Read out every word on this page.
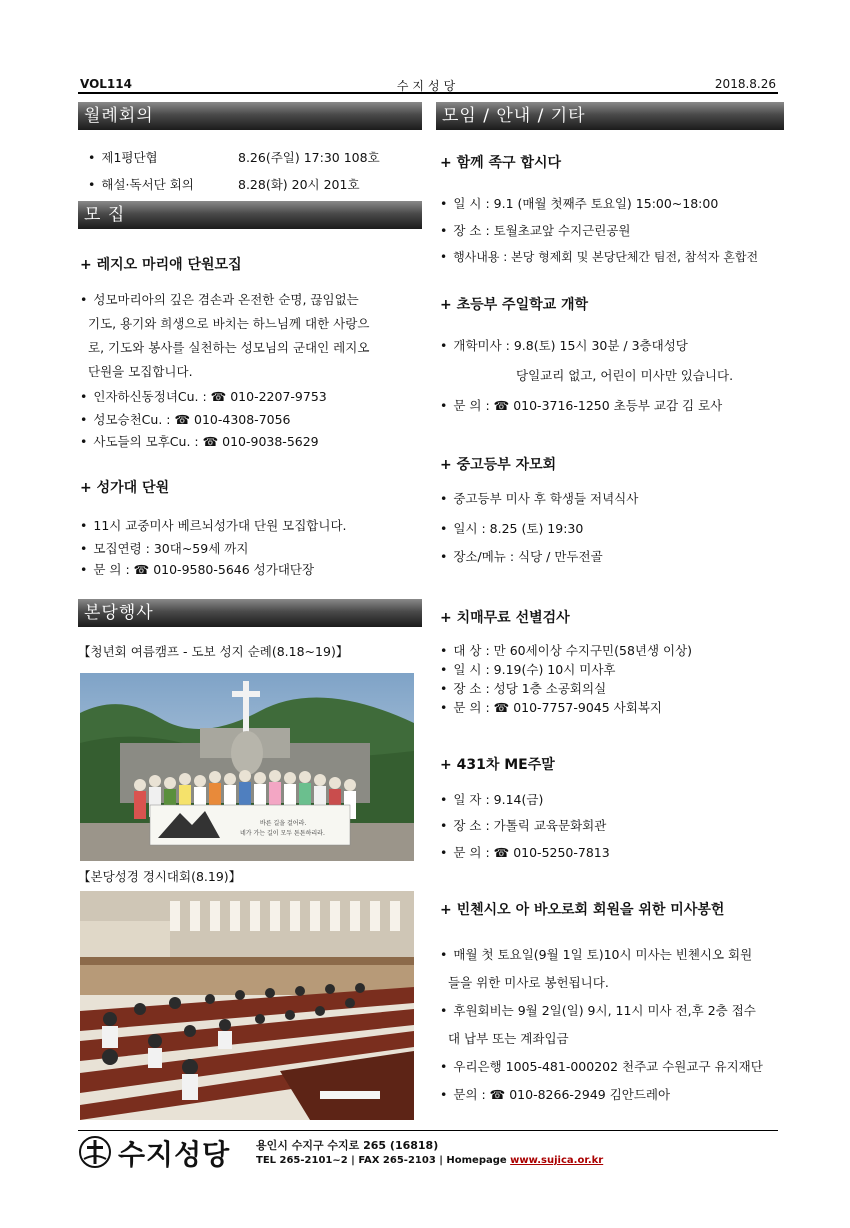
VOL114	수지성당	2018.8.26
월례회의
• 제1평단협	8.26(주일) 17:30 108호
• 해설·독서단 회의	8.28(화) 20시 201호
모 집
+ 레지오 마리애 단원모집
• 성모마리아의 깊은 겸손과 온전한 순명, 끊임없는
기도, 용기와 희생으로 바치는 하느님께 대한 사랑으
로, 기도와 봉사를 실천하는 성모님의 군대인 레지오
단원을 모집합니다.
• 인자하신동정녀Cu. : ☎ 010-2207-9753
• 성모승천Cu. : ☎ 010-4308-7056
• 사도들의 모후Cu. : ☎ 010-9038-5629
+ 성가대 단원
• 11시 교중미사 베르뇌성가대 단원 모집합니다.
• 모집연령 : 30대~59세 까지
• 문 의 : ☎ 010-9580-5646 성가대단장
본당행사
【청년회 여름캠프 - 도보 성지 순례(8.18~19)】
바른 길을 걸어라.
네가 가는 길이 모두 튼튼하리라.
【본당성경 경시대회(8.19)】
모임 / 안내 / 기타
+ 함께 족구 합시다
• 일 시 : 9.1 (매월 첫째주 토요일) 15:00~18:00
• 장 소 : 토월초교앞 수지근린공원
• 행사내용 : 본당 형제회 및 본당단체간 팀전, 참석자 혼합전
+ 초등부 주일학교 개학
• 개학미사 : 9.8(토) 15시 30분 / 3층대성당
당일교리 없고, 어린이 미사만 있습니다.
• 문 의 : ☎ 010-3716-1250 초등부 교감 김 로사
+ 중고등부 자모회
• 중고등부 미사 후 학생들 저녁식사
• 일시 : 8.25 (토) 19:30
• 장소/메뉴 : 식당 / 만두전골
+ 치매무료 선별검사
• 대 상 : 만 60세이상 수지구민(58년생 이상)
• 일 시 : 9.19(수) 10시 미사후
• 장 소 : 성당 1층 소공회의실
• 문 의 : ☎ 010-7757-9045 사회복지
+ 431차 ME주말
• 일 자 : 9.14(금)
• 장 소 : 가톨릭 교육문화회관
• 문 의 : ☎ 010-5250-7813
+ 빈첸시오 아 바오로회 회원을 위한 미사봉헌
• 매월 첫 토요일(9월 1일 토)10시 미사는 빈첸시오 회원
들을 위한 미사로 봉헌됩니다.
• 후원회비는 9월 2일(일) 9시, 11시 미사 전,후 2층 접수
대 납부 또는 계좌입금
• 우리은행 1005-481-000202 천주교 수원교구 유지재단
• 문의 : ☎ 010-8266-2949 김안드레아
수지성당 용인시 수지구 수지로 265 (16818)
TEL 265-2101~2 | FAX 265-2103 | Homepage www.sujica.or.kr
